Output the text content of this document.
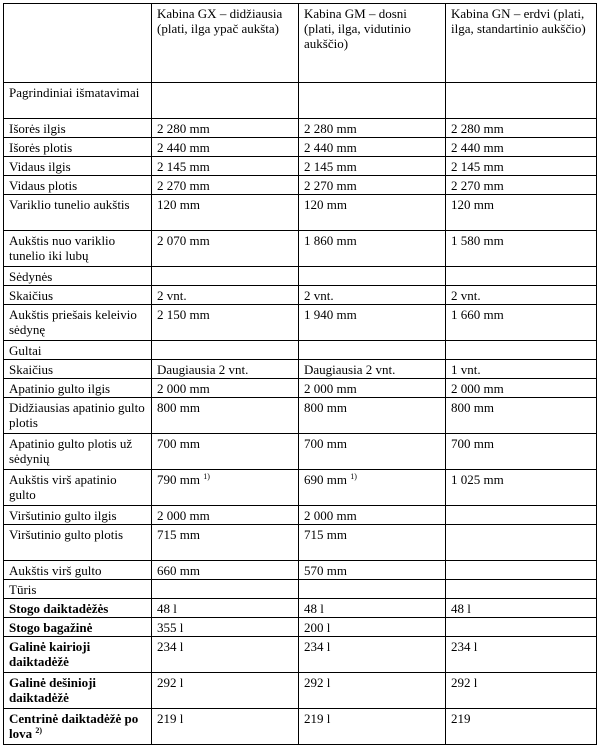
	Kabina GX – didžiausia (plati, ilga ypač aukšta)	Kabina GM – dosni (plati, ilga, vidutinio aukščio)	Kabina GN – erdvi (plati, ilga, standartinio aukščio)
Pagrindiniai išmatavimai			
Išorės ilgis	2 280 mm	2 280 mm	2 280 mm
Išorės plotis	2 440 mm	2 440 mm	2 440 mm
Vidaus ilgis	2 145 mm	2 145 mm	2 145 mm
Vidaus plotis	2 270 mm	2 270 mm	2 270 mm
Variklio tunelio aukštis	120 mm	120 mm	120 mm
Aukštis nuo variklio tunelio iki lubų	2 070 mm	1 860 mm	1 580 mm
Sėdynės			
Skaičius	2 vnt.	2 vnt.	2 vnt.
Aukštis priešais keleivio sėdynę	2 150 mm	1 940 mm	1 660 mm
Gultai			
Skaičius	Daugiausia 2 vnt.	Daugiausia 2 vnt.	1 vnt.
Apatinio gulto ilgis	2 000 mm	2 000 mm	2 000 mm
Didžiausias apatinio gulto plotis	800 mm	800 mm	800 mm
Apatinio gulto plotis už sėdynių	700 mm	700 mm	700 mm
Aukštis virš apatinio gulto	790 mm $^{1)}$	690 mm $^{1)}$	1 025 mm
Viršutinio gulto ilgis	2 000 mm	2 000 mm	
Viršutinio gulto plotis	715 mm	715 mm	
Aukštis virš gulto	660 mm	570 mm	
Tūris			
Stogo daiktadėžės	48 l	48 l	48 l
Stogo bagažinė	355 l	200 l	
Galinė kairioji daiktadėžė	234 l	234 l	234 l
Galinė dešinioji daiktadėžė	292 l	292 l	292 l
Centrinė daiktadėžė po lova $^{2)}$	219 l	219 l	219
